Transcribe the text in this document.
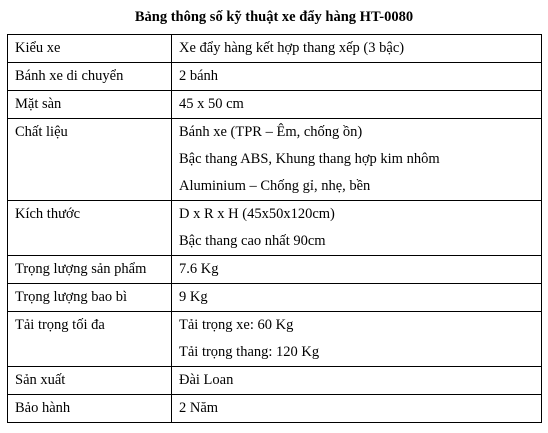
Bảng thông số kỹ thuật xe đẩy hàng HT-0080
Kiểu xe	Xe đẩy hàng kết hợp thang xếp (3 bậc)

Bánh xe di chuyển	2 bánh

Mặt sàn	45 x 50 cm

Chất liệu	Bánh xe (TPR – Êm, chống ồn)
Bậc thang ABS, Khung thang hợp kim nhôm
Aluminium – Chống gỉ, nhẹ, bền

Kích thước	D x R x H (45x50x120cm)
Bậc thang cao nhất 90cm

Trọng lượng sản phẩm	7.6 Kg

Trọng lượng bao bì	9 Kg

Tải trọng tối đa	Tải trọng xe: 60 Kg
Tải trọng thang: 120 Kg

Sản xuất	Đài Loan

Bảo hành	2 Năm
